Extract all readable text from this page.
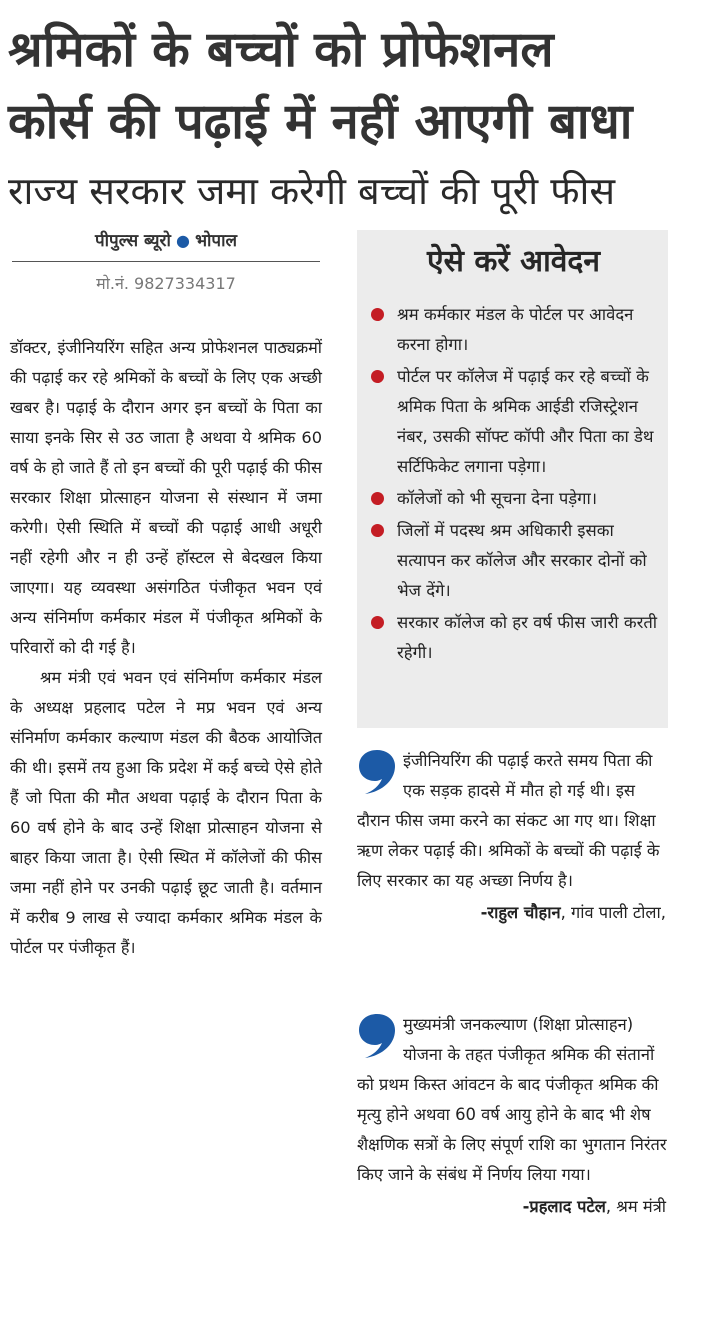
श्रमिकों के बच्चों को प्रोफेशनल
कोर्स की पढ़ाई में नहीं आएगी बाधा
राज्य सरकार जमा करेगी बच्चों की पूरी फीस
पीपुल्स ब्यूरो ● भोपाल
मो.नं. 9827334317

डॉक्टर, इंजीनियरिंग सहित अन्य प्रोफेशनल पाठ्यक्रमों की पढ़ाई कर रहे श्रमिकों के बच्चों के लिए एक अच्छी खबर है। पढ़ाई के दौरान अगर इन बच्चों के पिता का साया इनके सिर से उठ जाता है अथवा ये श्रमिक 60 वर्ष के हो जाते हैं तो इन बच्चों की पूरी पढ़ाई की फीस सरकार शिक्षा प्रोत्साहन योजना से संस्थान में जमा करेगी। ऐसी स्थिति में बच्चों की पढ़ाई आधी अधूरी नहीं रहेगी और न ही उन्हें हॉस्टल से बेदखल किया जाएगा। यह व्यवस्था असंगठित पंजीकृत भवन एवं अन्य संनिर्माण कर्मकार मंडल में पंजीकृत श्रमिकों के परिवारों को दी गई है।

श्रम मंत्री एवं भवन एवं संनिर्माण कर्मकार मंडल के अध्यक्ष प्रहलाद पटेल ने मप्र भवन एवं अन्य संनिर्माण कर्मकार कल्याण मंडल की बैठक आयोजित की थी। इसमें तय हुआ कि प्रदेश में कई बच्चे ऐसे होते हैं जो पिता की मौत अथवा पढ़ाई के दौरान पिता के 60 वर्ष होने के बाद उन्हें शिक्षा प्रोत्साहन योजना से बाहर किया जाता है। ऐसी स्थित में कॉलेजों की फीस जमा नहीं होने पर उनकी पढ़ाई छूट जाती है। वर्तमान में करीब 9 लाख से ज्यादा कर्मकार श्रमिक मंडल के पोर्टल पर पंजीकृत हैं।

ऐसे करें आवेदन
श्रम कर्मकार मंडल के पोर्टल पर आवेदन करना होगा।
पोर्टल पर कॉलेज में पढ़ाई कर रहे बच्चों के श्रमिक पिता के श्रमिक आईडी रजिस्ट्रेशन नंबर, उसकी सॉफ्ट कॉपी और पिता का डेथ सर्टिफिकेट लगाना पड़ेगा।
कॉलेजों को भी सूचना देना पड़ेगा।
जिलों में पदस्थ श्रम अधिकारी इसका सत्यापन कर कॉलेज और सरकार दोनों को भेज देंगे।
सरकार कॉलेज को हर वर्ष फीस जारी करती रहेगी।
इंजीनियरिंग की पढ़ाई करते समय पिता की एक सड़क हादसे में मौत हो गई थी। इस दौरान फीस जमा करने का संकट आ गए था। शिक्षा ऋण लेकर पढ़ाई की। श्रमिकों के बच्चों की पढ़ाई के लिए सरकार का यह अच्छा निर्णय है।
-राहुल चौहान, गांव पाली टोला,
मुख्यमंत्री जनकल्याण (शिक्षा प्रोत्साहन) योजना के तहत पंजीकृत श्रमिक की संतानों को प्रथम किस्त आंवटन के बाद पंजीकृत श्रमिक की मृत्यु होने अथवा 60 वर्ष आयु होने के बाद भी शेष शैक्षणिक सत्रों के लिए संपूर्ण राशि का भुगतान निरंतर किए जाने के संबंध में निर्णय लिया गया।
-प्रहलाद पटेल, श्रम मंत्री
